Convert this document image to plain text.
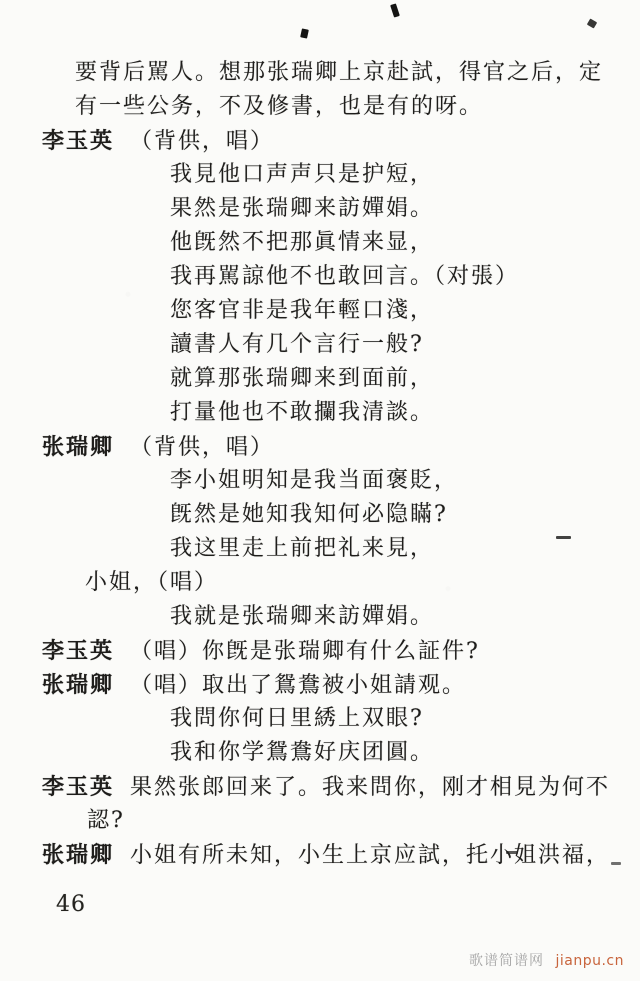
要背后駡人。想那张瑞卿上京赴試，得官之后，定
有一些公务，不及修書，也是有的呀。
李玉英 （背供，唱）
我見他口声声只是护短，
果然是张瑞卿来訪嬋娟。
他旣然不把那眞情来显，
我再駡諒他不也敢回言。（对張）
您客官非是我年輕口淺，
讀書人有几个言行一般?
就算那张瑞卿来到面前，
打量他也不敢攔我清談。
张瑞卿 （背供，唱）
李小姐明知是我当面褒貶，
旣然是她知我知何必隐瞞?
我这里走上前把礼来見，
小姐，（唱）
我就是张瑞卿来訪嬋娟。
李玉英 （唱）你旣是张瑞卿有什么証件?
张瑞卿 （唱）取出了鴛鴦被小姐請观。
我問你何日里綉上双眼?
我和你学鴛鴦好庆团圓。
李玉英 果然张郎回来了。我来問你，刚才相見为何不
認?
张瑞卿 小姐有所未知，小生上京应試，托小姐洪福，
46
歌谱简谱网 jianpu.cn
